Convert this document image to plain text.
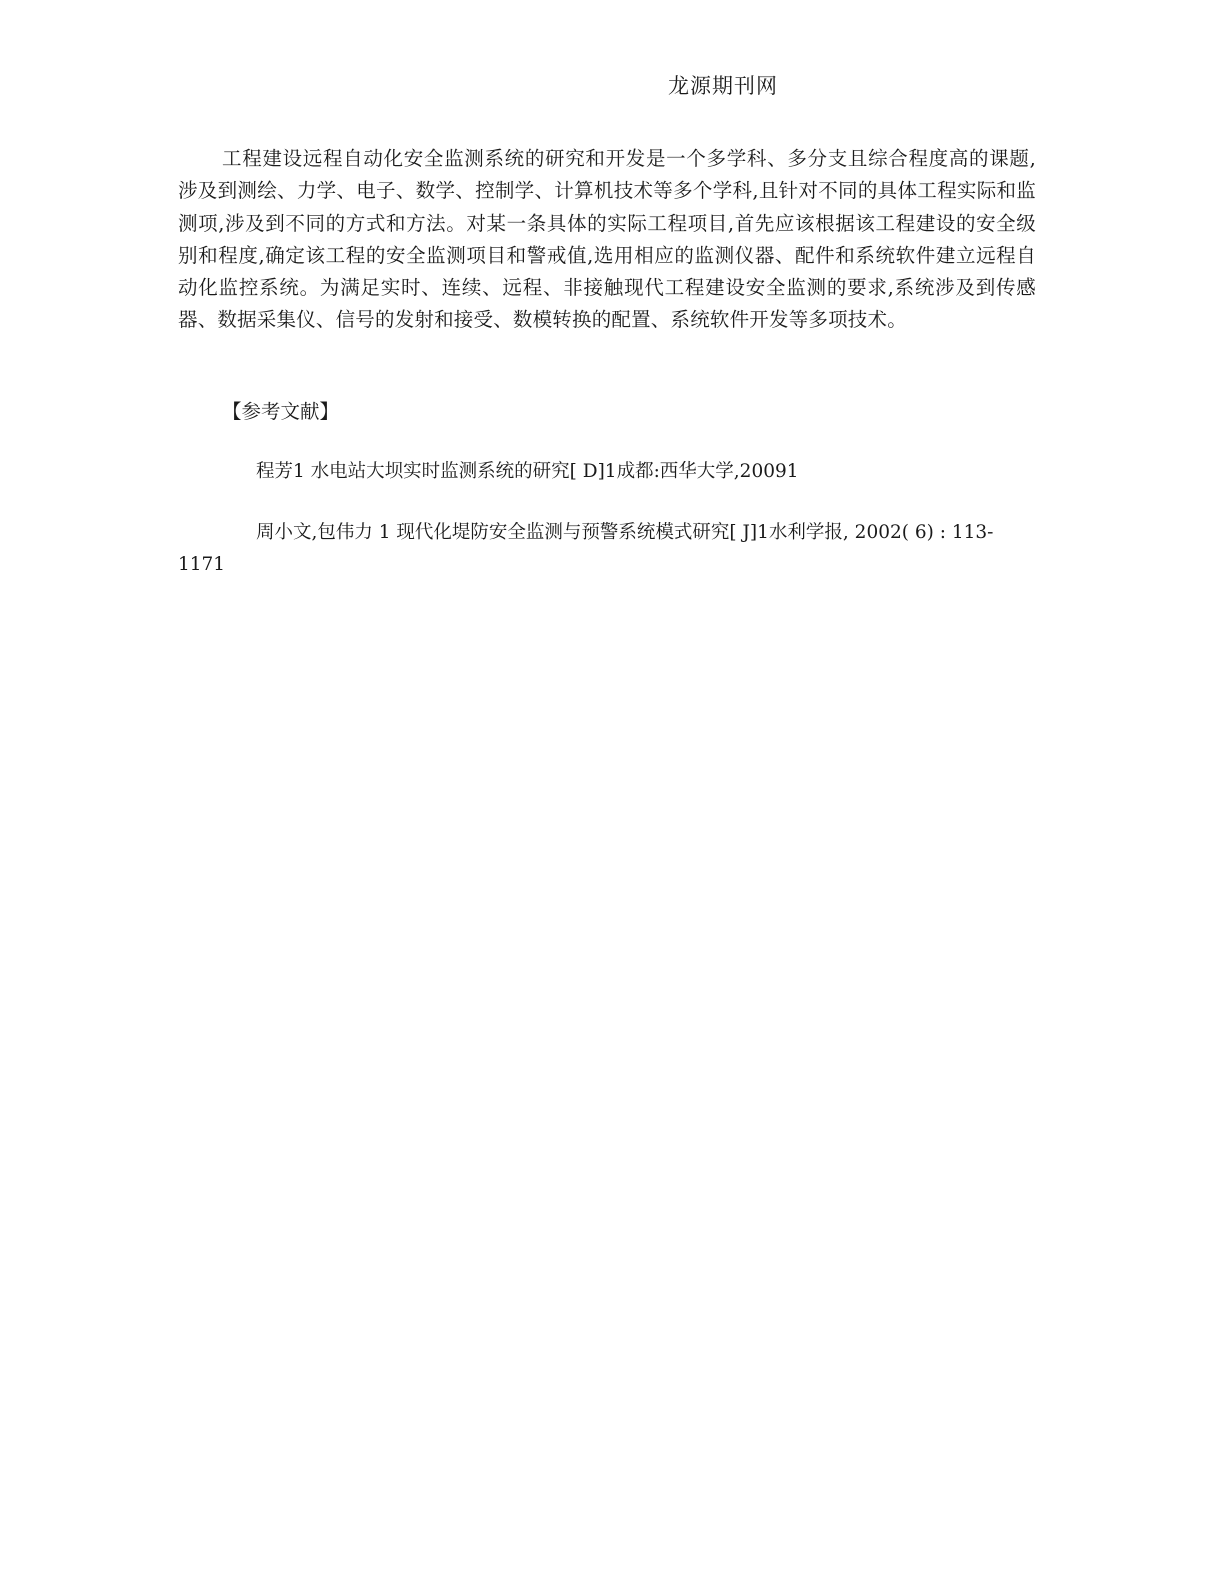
龙源期刊网

工程建设远程自动化安全监测系统的研究和开发是一个多学科、多分支且综合程度高的课题,涉及到测绘、力学、电子、数学、控制学、计算机技术等多个学科,且针对不同的具体工程实际和监测项,涉及到不同的方式和方法。对某一条具体的实际工程项目,首先应该根据该工程建设的安全级别和程度,确定该工程的安全监测项目和警戒值,选用相应的监测仪器、配件和系统软件建立远程自动化监控系统。为满足实时、连续、远程、非接触现代工程建设安全监测的要求,系统涉及到传感器、数据采集仪、信号的发射和接受、数模转换的配置、系统软件开发等多项技术。

【参考文献】

程芳1 水电站大坝实时监测系统的研究[ D]1成都:西华大学,20091

周小文,包伟力 1 现代化堤防安全监测与预警系统模式研究[ J]1水利学报, 2002( 6) : 113- 1171
